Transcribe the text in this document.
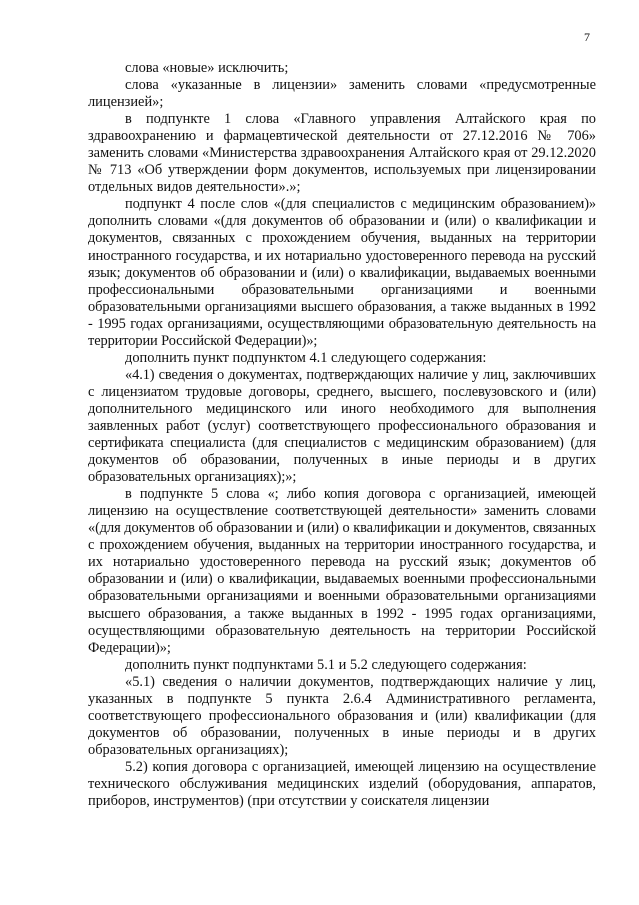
7

слова «новые» исключить;

слова «указанные в лицензии» заменить словами «предусмотренные лицензией»;

в подпункте 1 слова «Главного управления Алтайского края по здравоохранению и фармацевтической деятельности от 27.12.2016 № 706» заменить словами «Министерства здравоохранения Алтайского края от 29.12.2020 № 713 «Об утверждении форм документов, используемых при лицензировании отдельных видов деятельности».»;

подпункт 4 после слов «(для специалистов с медицинским образованием)» дополнить словами «(для документов об образовании и (или) о квалификации и документов, связанных с прохождением обучения, выданных на территории иностранного государства, и их нотариально удостоверенного перевода на русский язык; документов об образовании и (или) о квалификации, выдаваемых военными профессиональными образовательными организациями и военными образовательными организациями высшего образования, а также выданных в 1992 - 1995 годах организациями, осуществляющими образовательную деятельность на территории Российской Федерации)»;

дополнить пункт подпунктом 4.1 следующего содержания:

«4.1) сведения о документах, подтверждающих наличие у лиц, заключивших с лицензиатом трудовые договоры, среднего, высшего, послевузовского и (или) дополнительного медицинского или иного необходимого для выполнения заявленных работ (услуг) соответствующего профессионального образования и сертификата специалиста (для специалистов с медицинским образованием) (для документов об образовании, полученных в иные периоды и в других образовательных организациях);»;

в подпункте 5 слова «; либо копия договора с организацией, имеющей лицензию на осуществление соответствующей деятельности» заменить словами «(для документов об образовании и (или) о квалификации и документов, связанных с прохождением обучения, выданных на территории иностранного государства, и их нотариально удостоверенного перевода на русский язык; документов об образовании и (или) о квалификации, выдаваемых военными профессиональными образовательными организациями и военными образовательными организациями высшего образования, а также выданных в 1992 - 1995 годах организациями, осуществляющими образовательную деятельность на территории Российской Федерации)»;

дополнить пункт подпунктами 5.1 и 5.2 следующего содержания:

«5.1) сведения о наличии документов, подтверждающих наличие у лиц, указанных в подпункте 5 пункта 2.6.4 Административного регламента, соответствующего профессионального образования и (или) квалификации (для документов об образовании, полученных в иные периоды и в других образовательных организациях);

5.2) копия договора с организацией, имеющей лицензию на осуществление технического обслуживания медицинских изделий (оборудования, аппаратов, приборов, инструментов) (при отсутствии у соискателя лицензии
